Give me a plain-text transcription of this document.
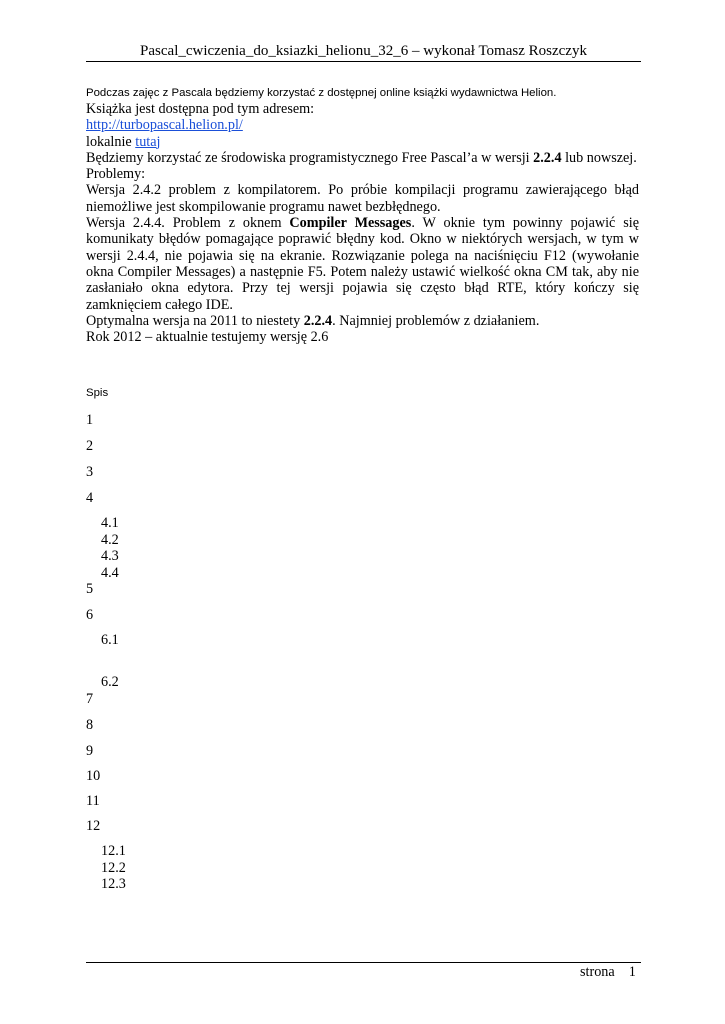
Pascal_cwiczenia_do_ksiazki_helionu_32_6 – wykonał Tomasz Roszczyk
Podczas zajęc z Pascala będziemy korzystać z dostępnej online książki wydawnictwa Helion.

Książka jest dostępna pod tym adresem:

http://turbopascal.helion.pl/

lokalnie tutaj

Będziemy korzystać ze środowiska programistycznego Free Pascal’a w wersji 2.2.4 lub nowszej.

Problemy:

Wersja 2.4.2 problem z kompilatorem. Po próbie kompilacji programu zawierającego błąd niemożliwe jest skompilowanie programu nawet bezbłędnego.

Wersja 2.4.4. Problem z oknem Compiler Messages. W oknie tym powinny pojawić się komunikaty błędów pomagające poprawić błędny kod. Okno w niektórych wersjach, w tym w wersji 2.4.4, nie pojawia się na ekranie. Rozwiązanie polega na naciśnięciu F12 (wywołanie okna Compiler Messages) a następnie F5. Potem należy ustawić wielkość okna CM tak, aby nie zasłaniało okna edytora. Przy tej wersji pojawia się często błąd RTE, który kończy się zamknięciem całego IDE.

Optymalna wersja na 2011 to niestety 2.2.4. Najmniej problemów z działaniem.

Rok 2012 – aktualnie testujemy wersję 2.6

Spis
1
2
3
4
4.1
4.2
4.3
4.4
5
6
6.1
6.2
7
8
9
10
11
12
12.1
12.2
12.3
strona 1
